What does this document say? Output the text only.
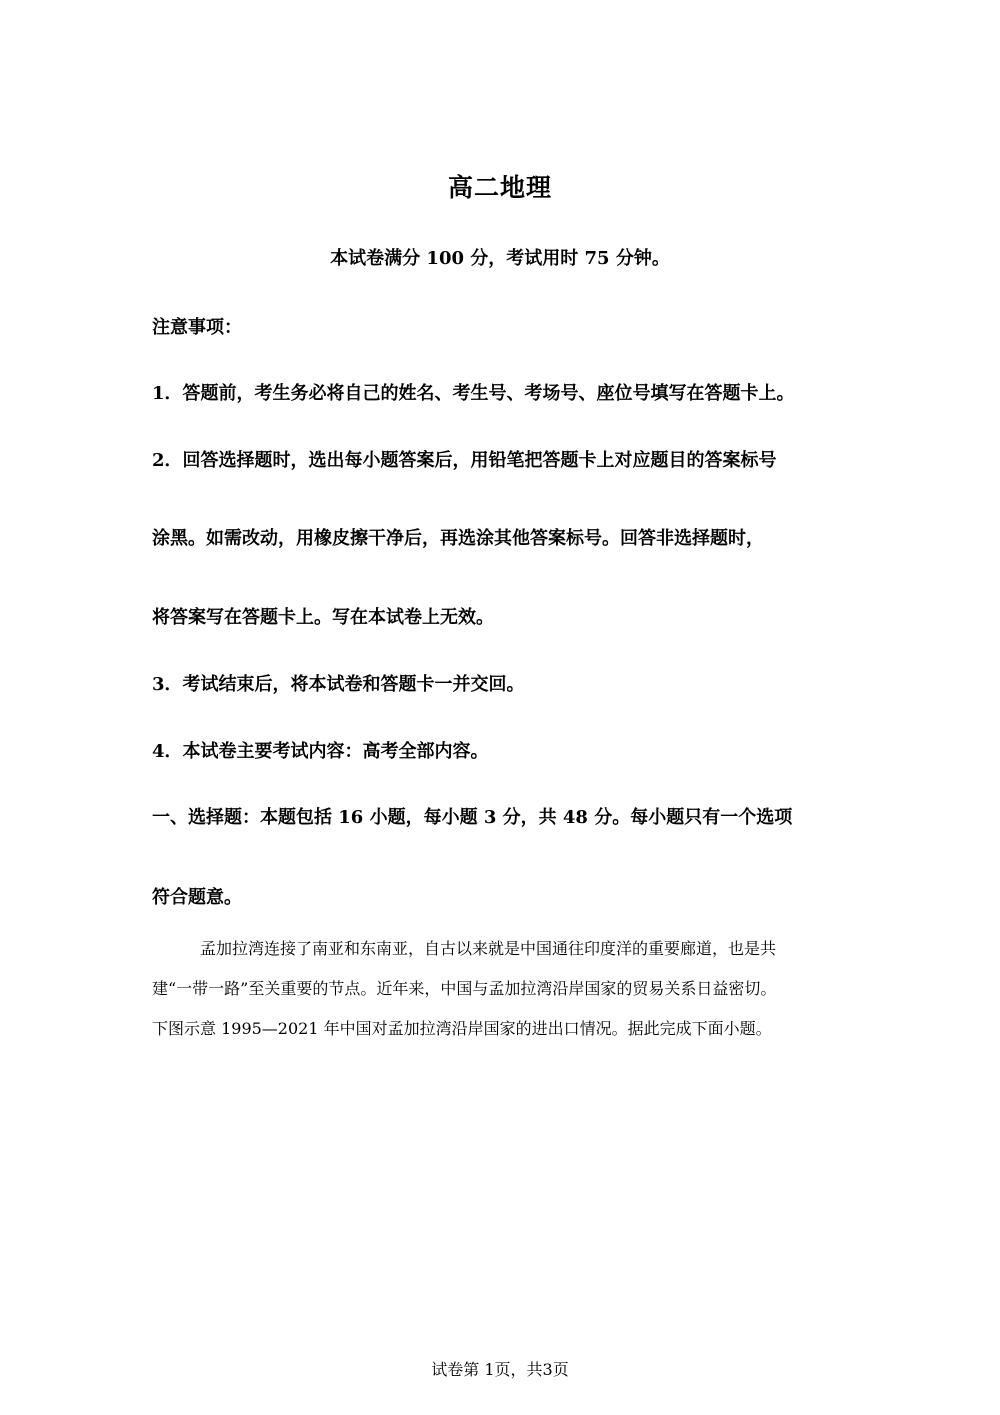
高二地理
本试卷满分 100 分，考试用时 75 分钟。
注意事项：
1．答题前，考生务必将自己的姓名、考生号、考场号、座位号填写在答题卡上。
2．回答选择题时，选出每小题答案后，用铅笔把答题卡上对应题目的答案标号
涂黑。如需改动，用橡皮擦干净后，再选涂其他答案标号。回答非选择题时，
将答案写在答题卡上。写在本试卷上无效。
3．考试结束后，将本试卷和答题卡一并交回。
4．本试卷主要考试内容：高考全部内容。
一、选择题：本题包括 16 小题，每小题 3 分，共 48 分。每小题只有一个选项
符合题意。
孟加拉湾连接了南亚和东南亚，自古以来就是中国通往印度洋的重要廊道，也是共
建“一带一路”至关重要的节点。近年来，中国与孟加拉湾沿岸国家的贸易关系日益密切。
下图示意 1995—2021 年中国对孟加拉湾沿岸国家的进出口情况。据此完成下面小题。
试卷第 1页，共3页
